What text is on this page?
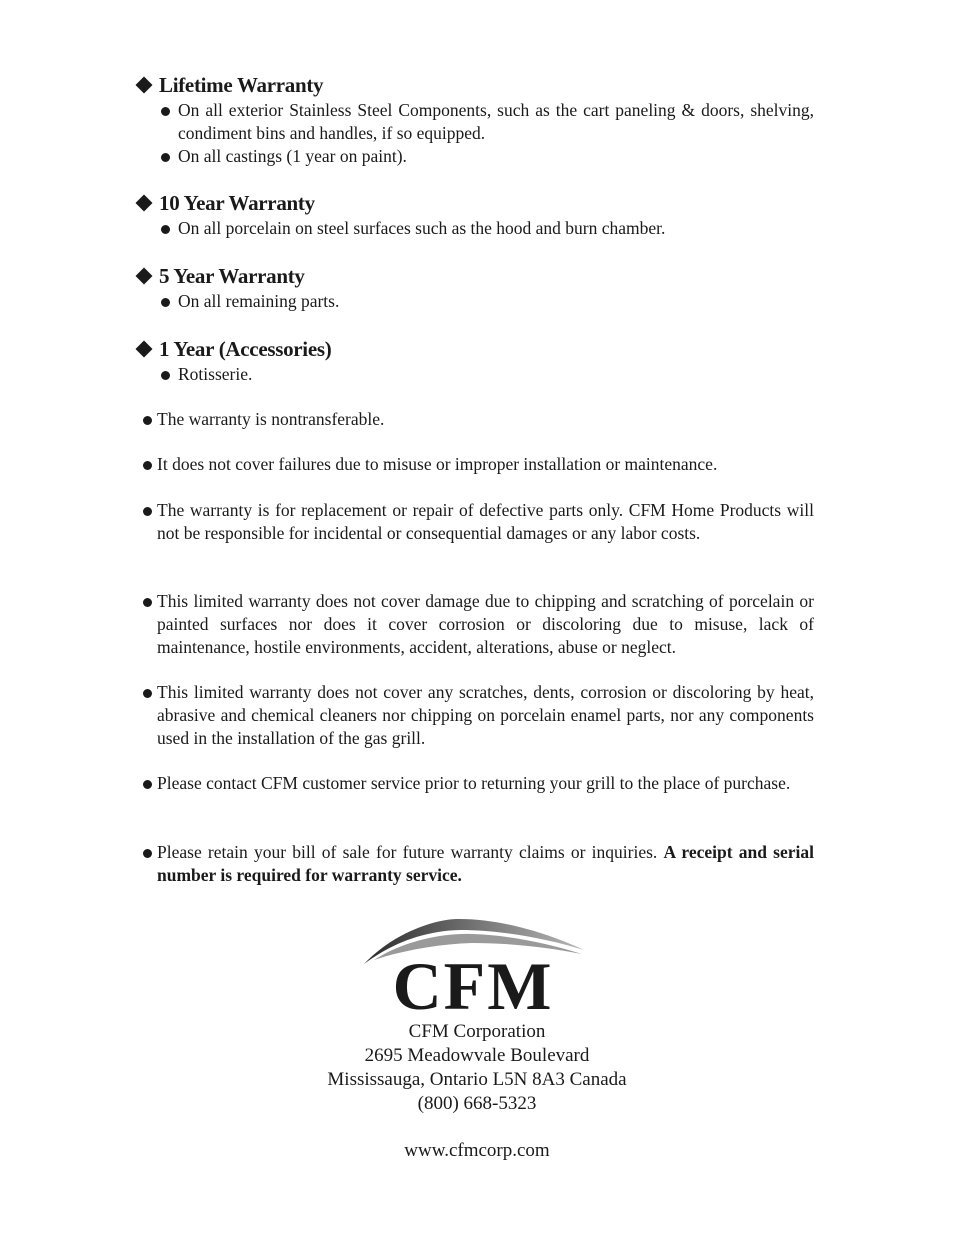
Lifetime Warranty
On all exterior Stainless Steel Components, such as the cart paneling & doors, shelving, condiment bins and handles, if so equipped.
On all castings (1 year on paint).
10 Year Warranty
On all porcelain on steel surfaces such as the hood and burn chamber.
5 Year Warranty
On all remaining parts.
1 Year (Accessories)
Rotisserie.
The warranty is nontransferable.
It does not cover failures due to misuse or improper installation or maintenance.
The warranty is for replacement or repair of defective parts only. CFM Home Products will not be responsible for incidental or consequential damages or any labor costs.
This limited warranty does not cover damage due to chipping and scratching of porcelain or painted surfaces nor does it cover corrosion or discoloring due to misuse, lack of maintenance, hostile environments, accident, alterations, abuse or neglect.
This limited warranty does not cover any scratches, dents, corrosion or discoloring by heat, abrasive and chemical cleaners nor chipping on porcelain enamel parts, nor any components used in the installation of the gas grill.
Please contact CFM customer service prior to returning your grill to the place of purchase.
Please retain your bill of sale for future warranty claims or inquiries. A receipt and serial number is required for warranty service.
CFM
CFM Corporation
2695 Meadowvale Boulevard
Mississauga, Ontario L5N 8A3 Canada
(800) 668-5323
www.cfmcorp.com
